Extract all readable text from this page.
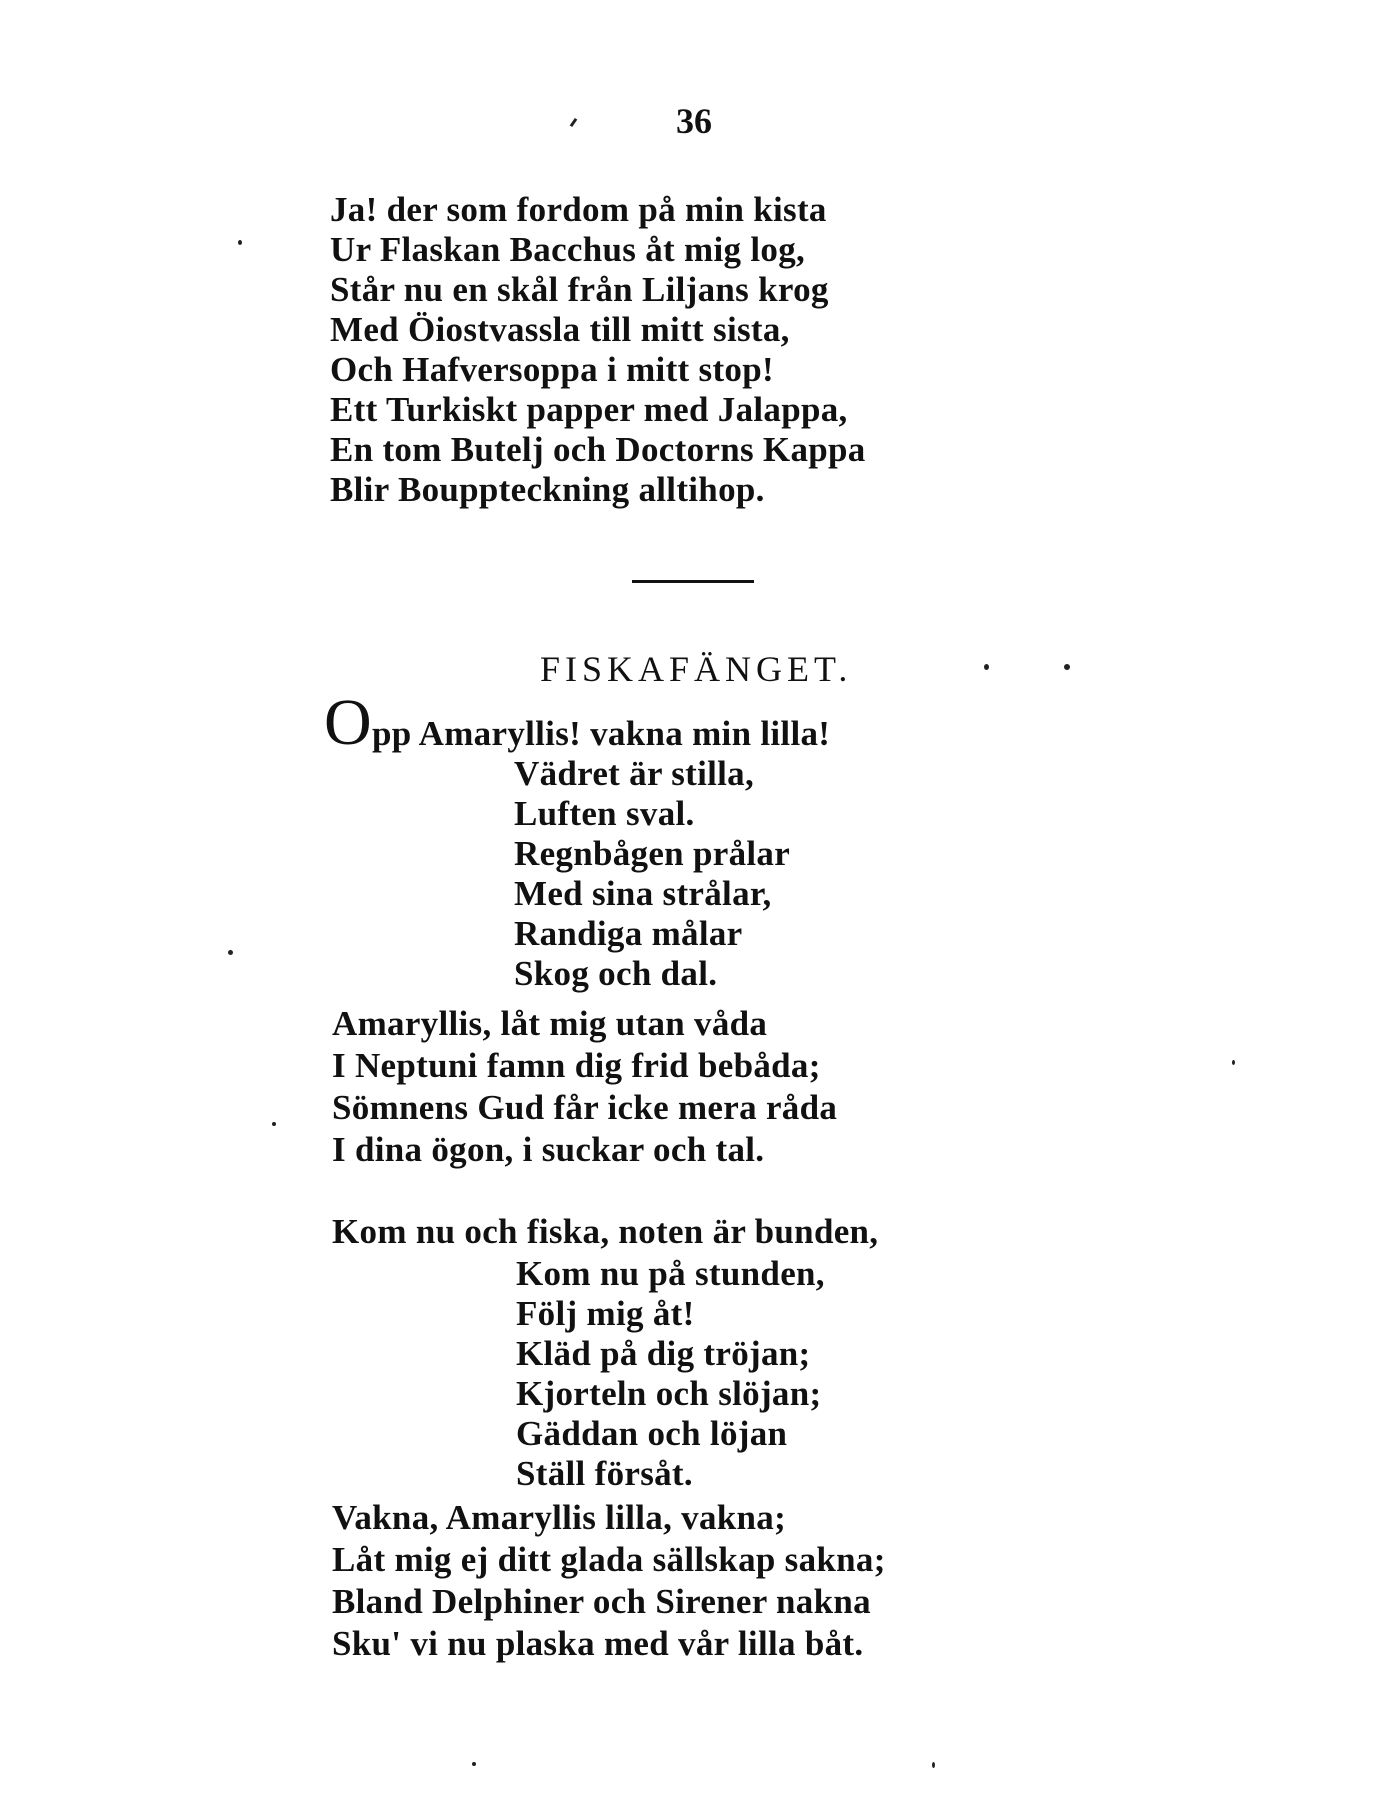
36
Ja! der som fordom på min kista
Ur Flaskan Bacchus åt mig log,
Står nu en skål från Liljans krog
Med Öiostvassla till mitt sista,
Och Hafversoppa i mitt stop!
Ett Turkiskt papper med Jalappa,
En tom Butelj och Doctorns Kappa
Blir Bouppteckning alltihop.
FISKAFÄNGET.
O pp Amaryllis! vakna min lilla!
Vädret är stilla,
Luften sval.
Regnbågen prålar
Med sina strålar,
Randiga målar
Skog och dal.
Amaryllis, låt mig utan våda
I Neptuni famn dig frid bebåda;
Sömnens Gud får icke mera råda
I dina ögon, i suckar och tal.
Kom nu och fiska, noten är bunden,
Kom nu på stunden,
Följ mig åt!
Kläd på dig tröjan;
Kjorteln och slöjan;
Gäddan och löjan
Ställ försåt.
Vakna, Amaryllis lilla, vakna;
Låt mig ej ditt glada sällskap sakna;
Bland Delphiner och Sirener nakna
Sku' vi nu plaska med vår lilla båt.
